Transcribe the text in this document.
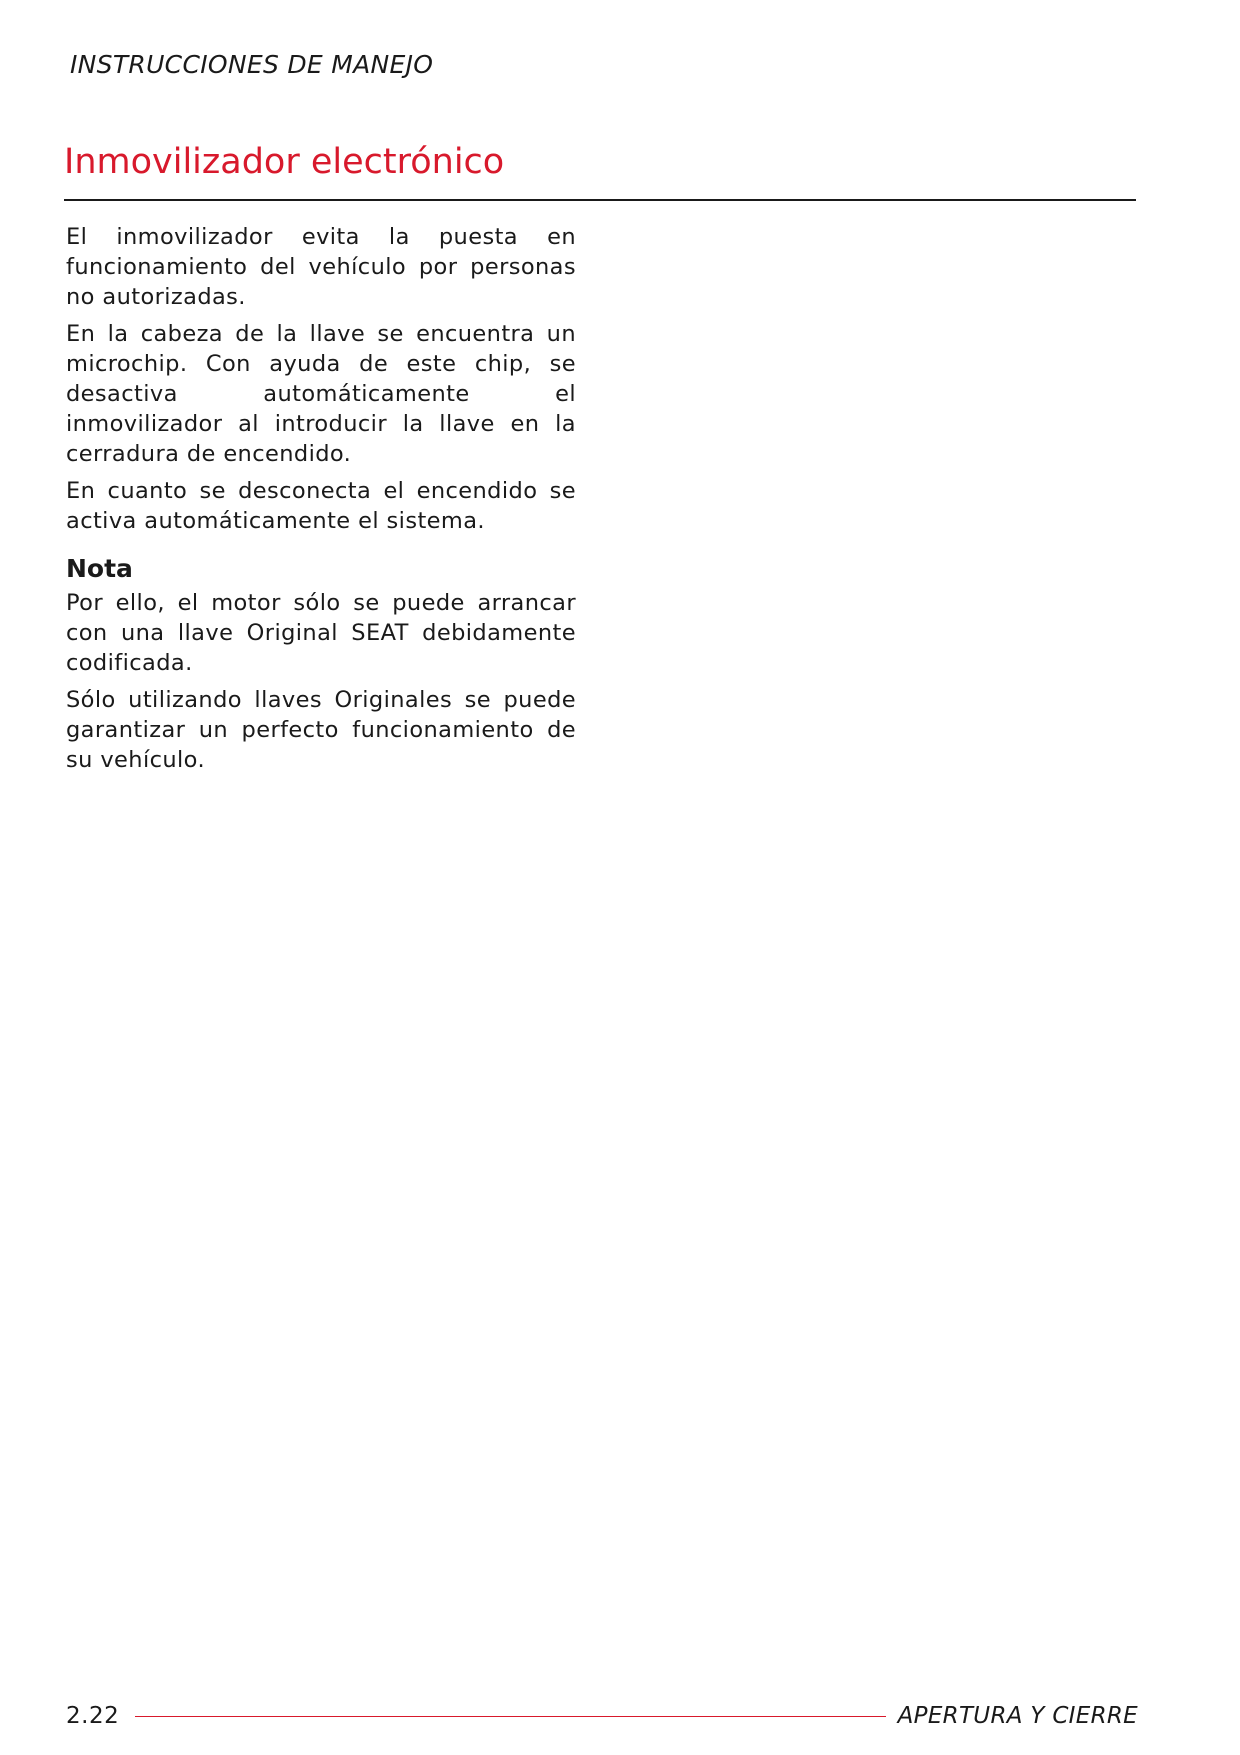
INSTRUCCIONES DE MANEJO
Inmovilizador electrónico

El inmovilizador evita la puesta en funcionamiento del vehículo por personas no autorizadas.

En la cabeza de la llave se encuentra un microchip. Con ayuda de este chip, se desactiva automáticamente el inmovilizador al introducir la llave en la cerradura de encendido.

En cuanto se desconecta el encendido se activa automáticamente el sistema.

Nota

Por ello, el motor sólo se puede arrancar con una llave Original SEAT debidamente codificada.

Sólo utilizando llaves Originales se puede garantizar un perfecto funcionamiento de su vehículo.

2.22	APERTURA Y CIERRE
